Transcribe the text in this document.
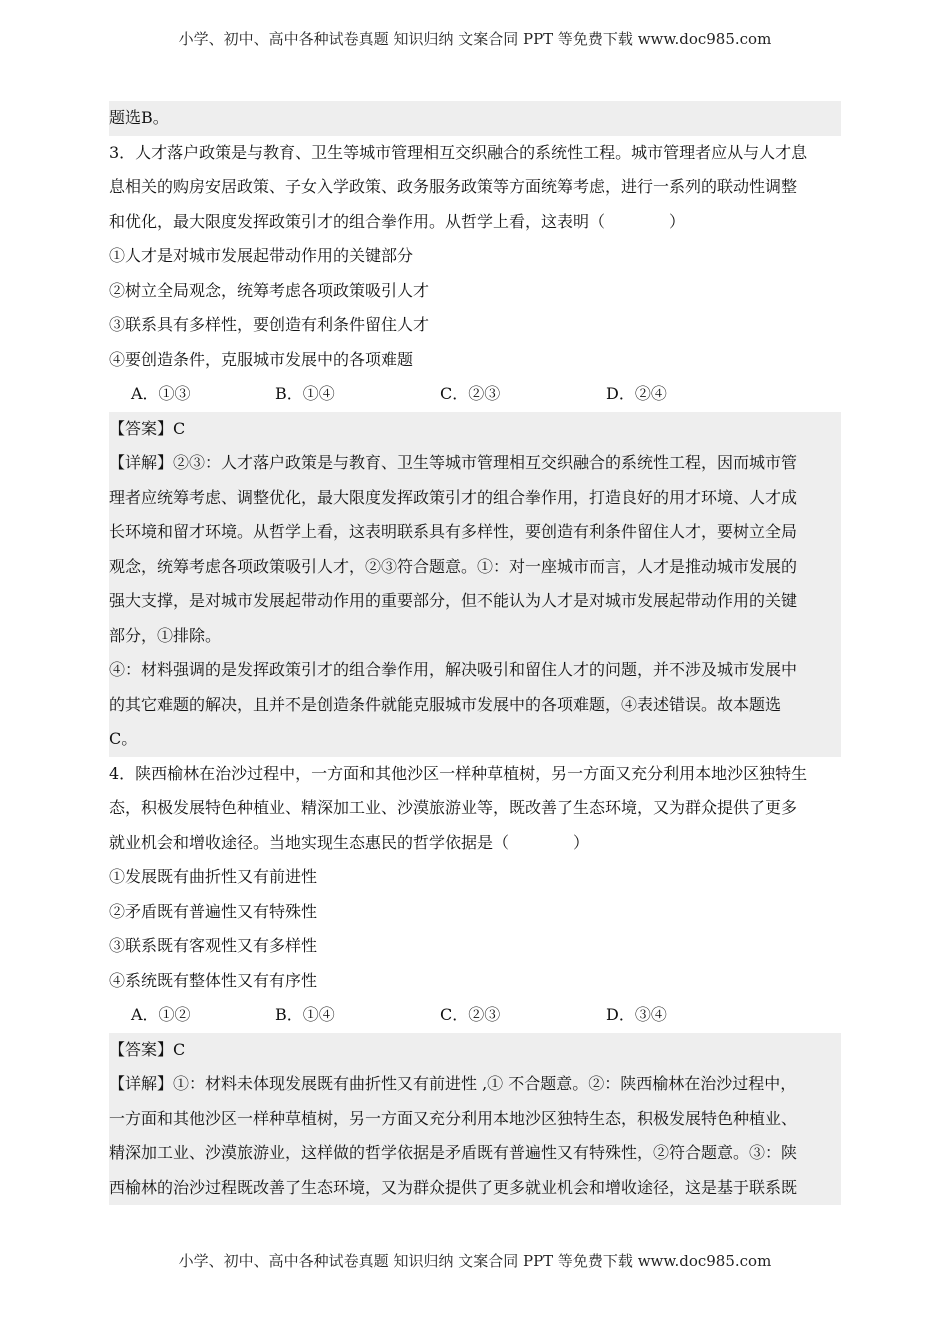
小学、初中、高中各种试卷真题 知识归纳 文案合同 PPT 等免费下载 www.doc985.com
题选B。
3．人才落户政策是与教育、卫生等城市管理相互交织融合的系统性工程。城市管理者应从与人才息
息相关的购房安居政策、子女入学政策、政务服务政策等方面统筹考虑，进行一系列的联动性调整
和优化，最大限度发挥政策引才的组合拳作用。从哲学上看，这表明（　　　　）
①人才是对城市发展起带动作用的关键部分
②树立全局观念，统筹考虑各项政策吸引人才
③联系具有多样性，要创造有利条件留住人才
④要创造条件，克服城市发展中的各项难题
A．①③	B．①④	C．②③	D．②④
【答案】C
【详解】②③：人才落户政策是与教育、卫生等城市管理相互交织融合的系统性工程，因而城市管
理者应统筹考虑、调整优化，最大限度发挥政策引才的组合拳作用，打造良好的用才环境、人才成
长环境和留才环境。从哲学上看，这表明联系具有多样性，要创造有利条件留住人才，要树立全局
观念，统筹考虑各项政策吸引人才，②③符合题意。①：对一座城市而言，人才是推动城市发展的
强大支撑，是对城市发展起带动作用的重要部分，但不能认为人才是对城市发展起带动作用的关键
部分，①排除。
④：材料强调的是发挥政策引才的组合拳作用，解决吸引和留住人才的问题，并不涉及城市发展中
的其它难题的解决，且并不是创造条件就能克服城市发展中的各项难题，④表述错误。故本题选
C。
4．陕西榆林在治沙过程中，一方面和其他沙区一样种草植树，另一方面又充分利用本地沙区独特生
态，积极发展特色种植业、精深加工业、沙漠旅游业等，既改善了生态环境，又为群众提供了更多
就业机会和增收途径。当地实现生态惠民的哲学依据是（　　　　）
①发展既有曲折性又有前进性
②矛盾既有普遍性又有特殊性
③联系既有客观性又有多样性
④系统既有整体性又有有序性
A．①②	B．①④	C．②③	D．③④
【答案】C
【详解】①：材料未体现发展既有曲折性又有前进性 ,① 不合题意。②：陕西榆林在治沙过程中，
一方面和其他沙区一样种草植树，另一方面又充分利用本地沙区独特生态，积极发展特色种植业、
精深加工业、沙漠旅游业，这样做的哲学依据是矛盾既有普遍性又有特殊性，②符合题意。③：陕
西榆林的治沙过程既改善了生态环境，又为群众提供了更多就业机会和增收途径，这是基于联系既
小学、初中、高中各种试卷真题 知识归纳 文案合同 PPT 等免费下载 www.doc985.com
